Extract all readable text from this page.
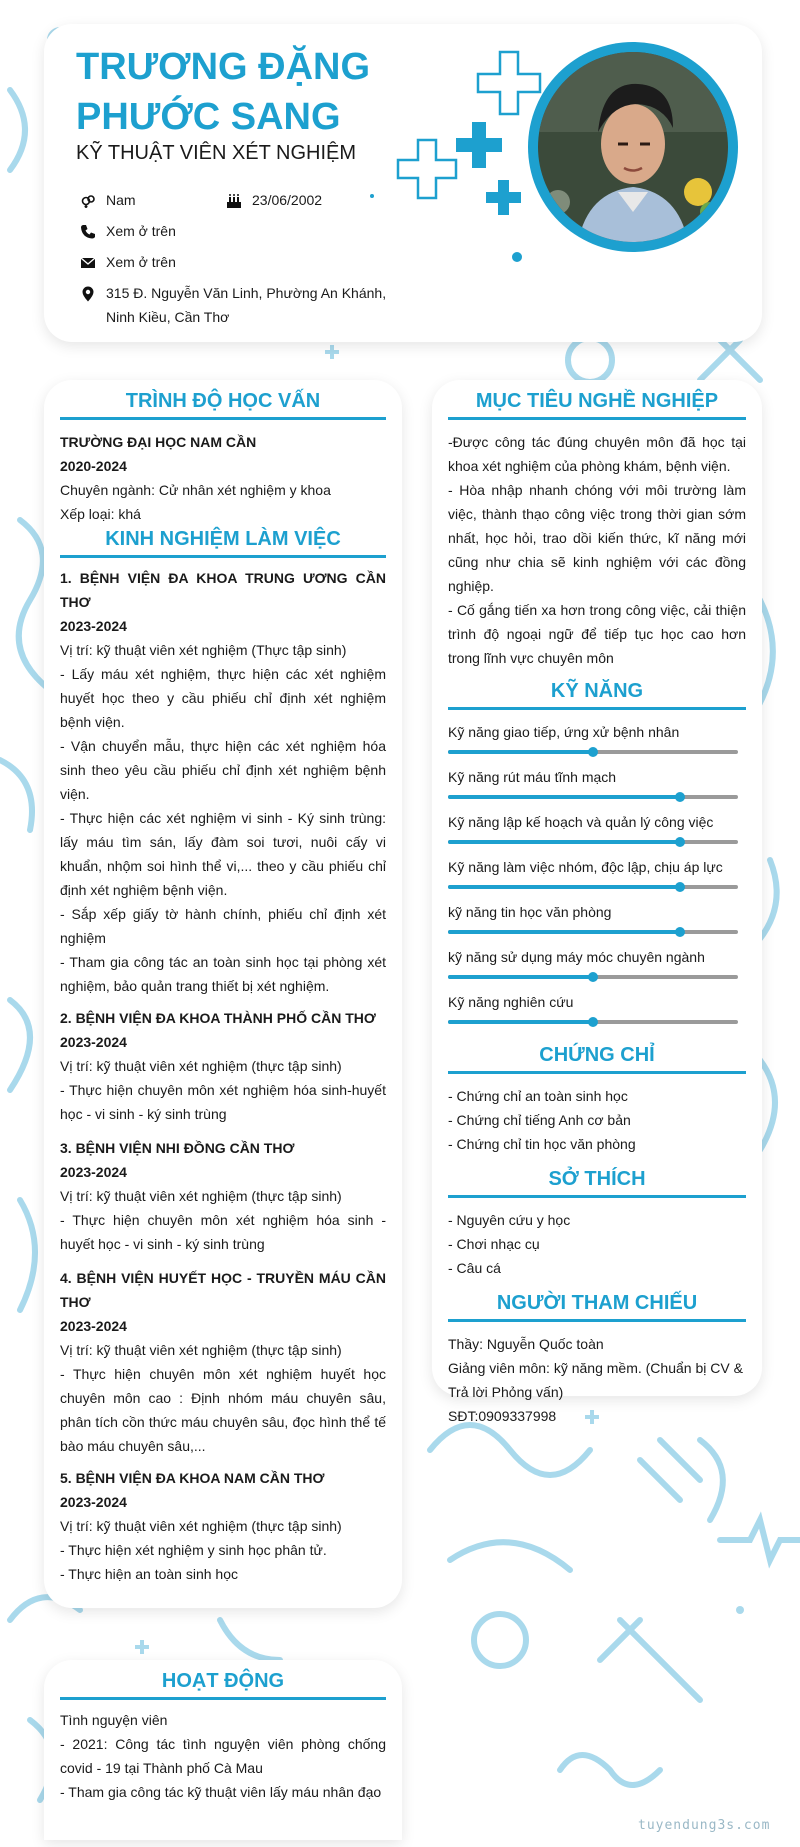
TRƯƠNG ĐẶNG PHƯỚC SANG
KỸ THUẬT VIÊN XÉT NGHIỆM
Nam	23/06/2002
Xem ở trên
Xem ở trên
315 Đ. Nguyễn Văn Linh, Phường An Khánh, Ninh Kiều, Cần Thơ
TRÌNH ĐỘ HỌC VẤN
TRƯỜNG ĐẠI HỌC NAM CẦN
2020-2024
Chuyên ngành: Cử nhân xét nghiệm y khoa
Xếp loại: khá
KINH NGHIỆM LÀM VIỆC
1. BỆNH VIỆN ĐA KHOA TRUNG ƯƠNG CẦN THƠ
2023-2024
Vị trí: kỹ thuật viên xét nghiệm (Thực tập sinh)
- Lấy máu xét nghiệm, thực hiện các xét nghiệm huyết học theo y cầu phiếu chỉ định xét nghiệm bệnh viện.
- Vận chuyển mẫu, thực hiện các xét nghiệm hóa sinh theo yêu cầu phiếu chỉ định xét nghiệm bệnh viện.
- Thực hiện các xét nghiệm vi sinh - Ký sinh trùng: lấy máu tìm sán, lấy đàm soi tươi, nuôi cấy vi khuẩn, nhộm soi hình thể vi,... theo y cầu phiếu chỉ định xét nghiệm bệnh viện.
- Sắp xếp giấy tờ hành chính, phiếu chỉ định xét nghiệm
- Tham gia công tác an toàn sinh học tại phòng xét nghiệm, bảo quản trang thiết bị xét nghiệm.
2. BỆNH VIỆN ĐA KHOA THÀNH PHỐ CẦN THƠ
2023-2024
Vị trí: kỹ thuật viên xét nghiệm (thực tập sinh)
- Thực hiện chuyên môn xét nghiệm hóa sinh-huyết học - vi sinh - ký sinh trùng
3. BỆNH VIỆN NHI ĐỒNG CẦN THƠ
2023-2024
Vị trí: kỹ thuật viên xét nghiệm (thực tập sinh)
- Thực hiện chuyên môn xét nghiệm hóa sinh - huyết học - vi sinh - ký sinh trùng
4. BỆNH VIỆN HUYẾT HỌC - TRUYỀN MÁU CẦN THƠ
2023-2024
Vị trí: kỹ thuật viên xét nghiệm (thực tập sinh)
- Thực hiện chuyên môn xét nghiệm huyết học chuyên môn cao : Định nhóm máu chuyên sâu, phân tích cồn thức máu chuyên sâu, đọc hình thể tế bào máu chuyên sâu,...
5. BỆNH VIỆN ĐA KHOA NAM CẦN THƠ
2023-2024
Vị trí: kỹ thuật viên xét nghiệm (thực tập sinh)
- Thực hiện xét nghiệm y sinh học phân tử.
- Thực hiện an toàn sinh học
HOẠT ĐỘNG
Tình nguyện viên
- 2021: Công tác tình nguyện viên phòng chống covid - 19 tại Thành phố Cà Mau
- Tham gia công tác kỹ thuật viên lấy máu nhân đạo
MỤC TIÊU NGHỀ NGHIỆP
-Được công tác đúng chuyên môn đã học tại khoa xét nghiệm của phòng khám, bệnh viện.
- Hòa nhập nhanh chóng với môi trường làm việc, thành thạo công việc trong thời gian sớm nhất, học hỏi, trao dồi kiến thức, kĩ năng mới cũng như chia sẽ kinh nghiệm với các đồng nghiệp.
- Cố gắng tiến xa hơn trong công việc, cải thiện trình độ ngoại ngữ để tiếp tục học cao hơn trong lĩnh vực chuyên môn
KỸ NĂNG
Kỹ năng giao tiếp, ứng xử bệnh nhân
Kỹ năng rút máu tĩnh mạch
Kỹ năng lập kế hoạch và quản lý công việc
Kỹ năng làm việc nhóm, độc lập, chịu áp lực
kỹ năng tin học văn phòng
kỹ năng sử dụng máy móc chuyên ngành
Kỹ năng nghiên cứu
CHỨNG CHỈ
- Chứng chỉ an toàn sinh học
- Chứng chỉ tiếng Anh cơ bản
- Chứng chỉ tin học văn phòng
SỞ THÍCH
- Nguyên cứu y học
- Chơi nhạc cụ
- Câu cá
NGƯỜI THAM CHIẾU
Thầy: Nguyễn Quốc toàn
Giảng viên môn: kỹ năng mềm. (Chuẩn bị CV & Trả lời Phỏng vấn)
SĐT:0909337998
tuyendung3s.com
